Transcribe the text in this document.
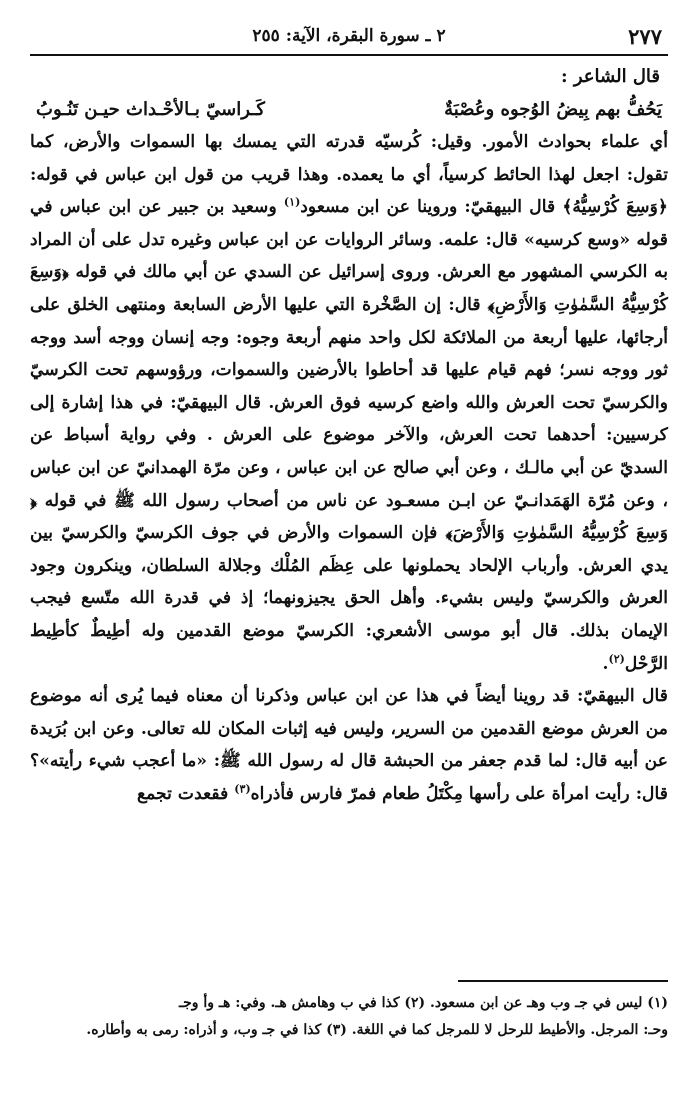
٢٧٧
٢ ـ سورة البقرة، الآية: ٢٥٥
قال الشاعر :
يَحُفُّ بهم بِيضُ الوُجوه وعُصْبَةٌ
كَـراسيّ بـالأحْـداث حيـن تَنُـوبُ

أي علماء بحوادث الأمور. وقيل: كُرسيّه قدرته التي يمسك بها السموات والأرض، كما تقول: اجعل لهذا الحائط كرسياً، أي ما يعمده. وهذا قريب من قول ابن عباس في قوله: ﴿وَسِعَ كُرْسِيُّهُ﴾ قال البيهقيّ: وروينا عن ابن مسعود$^{(١)}$ وسعيد بن جبير عن ابن عباس في قوله «وسع كرسيه» قال: علمه. وسائر الروايات عن ابن عباس وغيره تدل على أن المراد به الكرسي المشهور مع العرش. وروى إسرائيل عن السدي عن أبي مالك في قوله ﴿وَسِعَ كُرْسِيُّهُ السَّمٰوٰتِ وَالأَرْضِ﴾ قال: إن الصَّخْرة التي عليها الأرض السابعة ومنتهى الخلق على أرجائها، عليها أربعة من الملائكة لكل واحد منهم أربعة وجوه: وجه إنسان ووجه أسد ووجه ثور ووجه نسر؛ فهم قيام عليها قد أحاطوا بالأرضين والسموات، ورؤوسهم تحت الكرسيّ والكرسيّ تحت العرش والله واضع كرسيه فوق العرش. قال البيهقيّ: في هذا إشارة إلى كرسيين: أحدهما تحت العرش، والآخر موضوع على العرش . وفي رواية أسباط عن السديّ عن أبي مالـك ، وعن أبي صالح عن ابن عباس ، وعن مرّة الهمدانيّ عن ابن عباس ، وعن مُرّة الهَمَدانـيّ عن ابـن مسعـود عن ناس من أصحاب رسول الله ﷺ في قوله ﴿ وَسِعَ كُرْسِيُّهُ السَّمٰوٰتِ وَالأَرْضَ﴾ فإن السموات والأرض في جوف الكرسيّ والكرسيّ بين يدي العرش. وأرباب الإلحاد يحملونها على عِظَم المُلْك وجلالة السلطان، وينكرون وجود العرش والكرسيّ وليس بشيء. وأهل الحق يجيزونهما؛ إذ في قدرة الله متّسع فيجب الإيمان بذلك. قال أبو موسى الأشعري: الكرسيّ موضع القدمين وله أطِيطٌ كأطِيط الرَّحْل$^{(٢)}$.

قال البيهقيّ: قد روينا أيضاً في هذا عن ابن عباس وذكرنا أن معناه فيما يُرى أنه موضوع من العرش موضع القدمين من السرير، وليس فيه إثبات المكان لله تعالى. وعن ابن بُرَيدة عن أبيه قال: لما قدم جعفر من الحبشة قال له رسول الله ﷺ: «ما أعجب شيء رأيته»؟ قال: رأيت امرأة على رأسها مِكْتَلُ طعام فمرّ فارس فأذراه$^{(٣)}$ فقعدت تجمع

(١) ليس في جـ وب وهـ عن ابن مسعود. (٢) كذا في ب وهامش هـ. وفي: هـ وأ وجـ

وحـ: المرجل. والأطيط للرحل لا للمرجل كما في اللغة. (٣) كذا في جـ وب، و أذراه: رمى به وأطاره.
